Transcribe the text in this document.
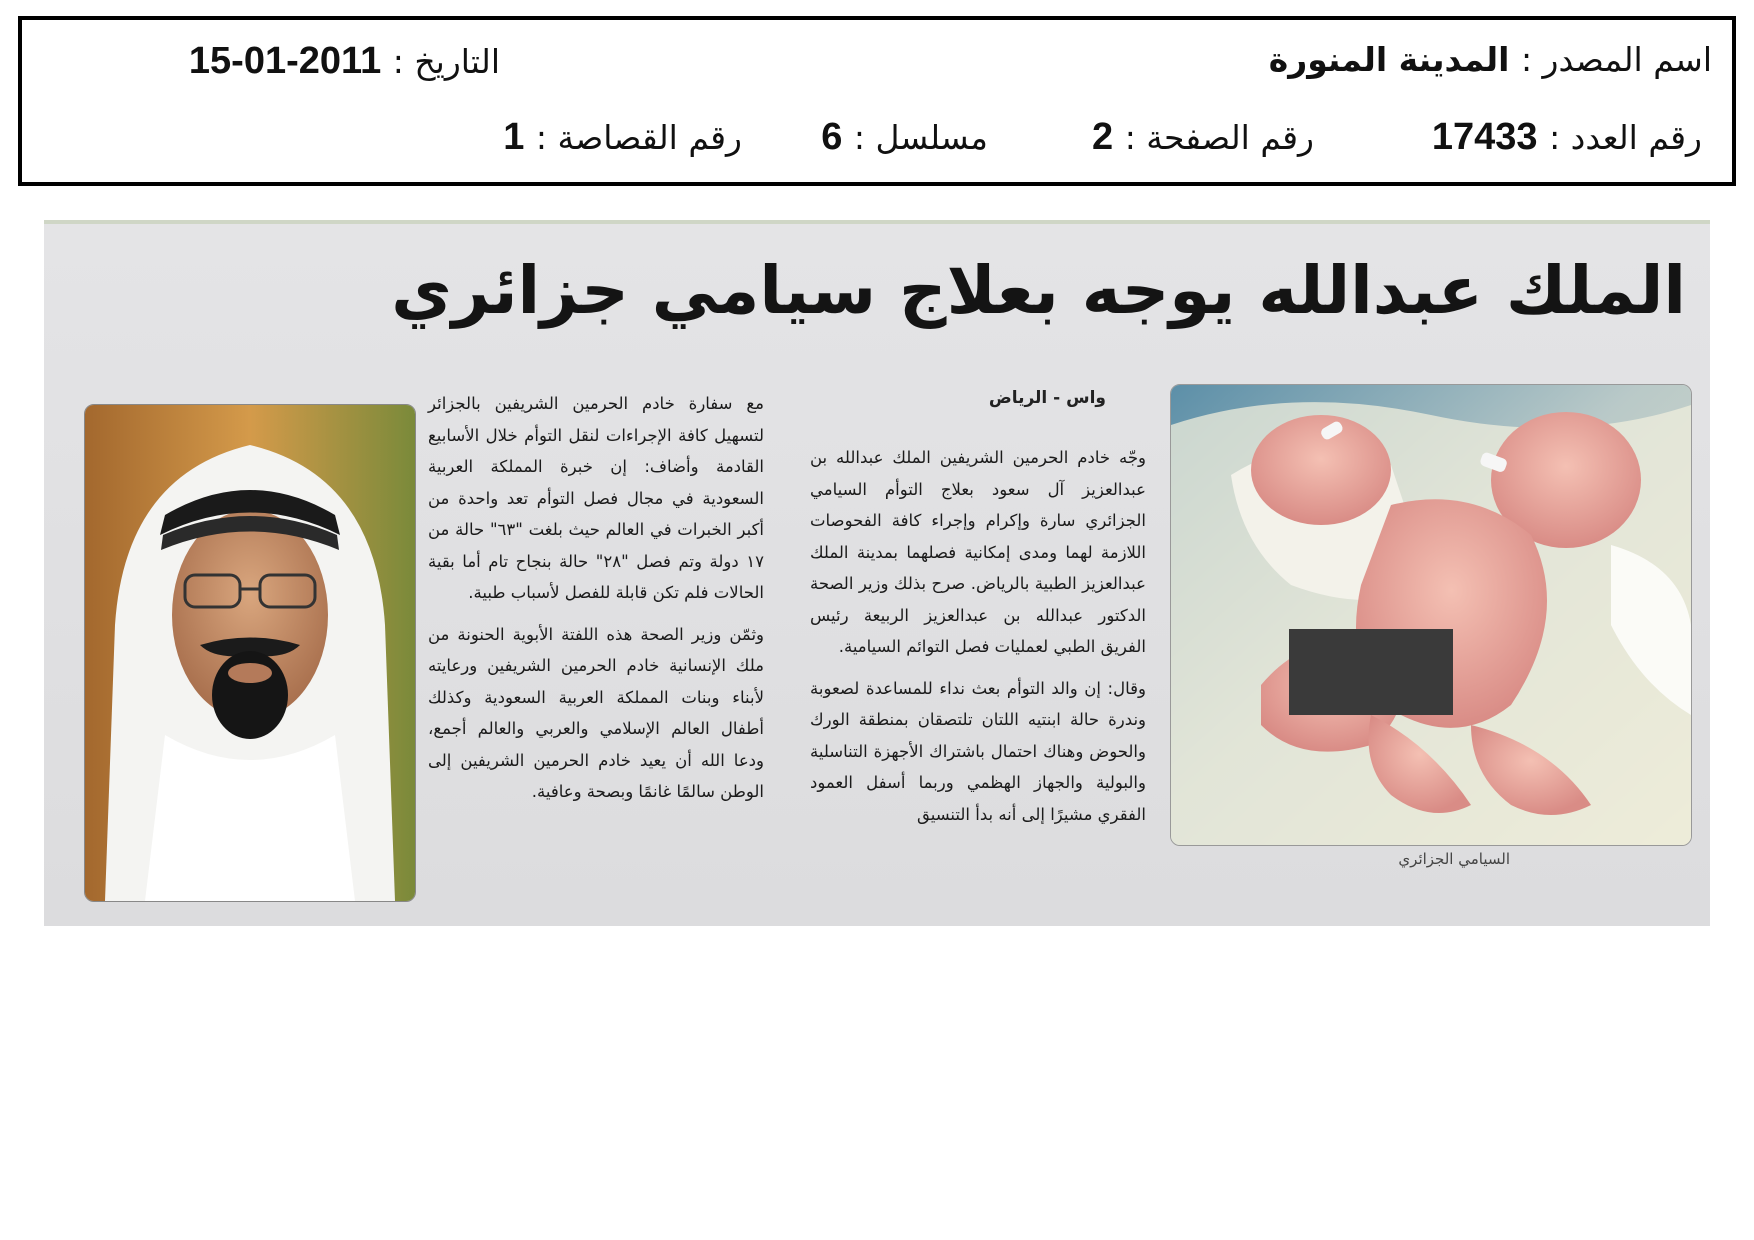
اسم المصدر : المدينة المنورة
التاريخ : 2011-01-15
رقم العدد : 17433
رقم الصفحة : 2
مسلسل : 6
رقم القصاصة : 1
الملك عبدالله يوجه بعلاج سيامي جزائري
السيامي الجزائري
واس - الرياض

وجّه خادم الحرمين الشريفين الملك عبدالله بن عبدالعزيز آل سعود بعلاج التوأم السيامي الجزائري سارة وإكرام وإجراء كافة الفحوصات اللازمة لهما ومدى إمكانية فصلهما بمدينة الملك عبدالعزيز الطبية بالرياض. صرح بذلك وزير الصحة الدكتور عبدالله بن عبدالعزيز الربيعة رئيس الفريق الطبي لعمليات فصل التوائم السيامية.

وقال: إن والد التوأم بعث نداء للمساعدة لصعوبة وندرة حالة ابنتيه اللتان تلتصقان بمنطقة الورك والحوض وهناك احتمال باشتراك الأجهزة التناسلية والبولية والجهاز الهظمي وربما أسفل العمود الفقري مشيرًا إلى أنه بدأ التنسيق

مع سفارة خادم الحرمين الشريفين بالجزائر لتسهيل كافة الإجراءات لنقل التوأم خلال الأسابيع القادمة وأضاف: إن خبرة المملكة العربية السعودية في مجال فصل التوأم تعد واحدة من أكبر الخبرات في العالم حيث بلغت "٦٣" حالة من ١٧ دولة وتم فصل "٢٨" حالة بنجاح تام أما بقية الحالات فلم تكن قابلة للفصل لأسباب طبية.

وثمّن وزير الصحة هذه اللفتة الأبوية الحنونة من ملك الإنسانية خادم الحرمين الشريفين ورعايته لأبناء وبنات المملكة العربية السعودية وكذلك أطفال العالم الإسلامي والعربي والعالم أجمع، ودعا الله أن يعيد خادم الحرمين الشريفين إلى الوطن سالمًا غانمًا وبصحة وعافية.
